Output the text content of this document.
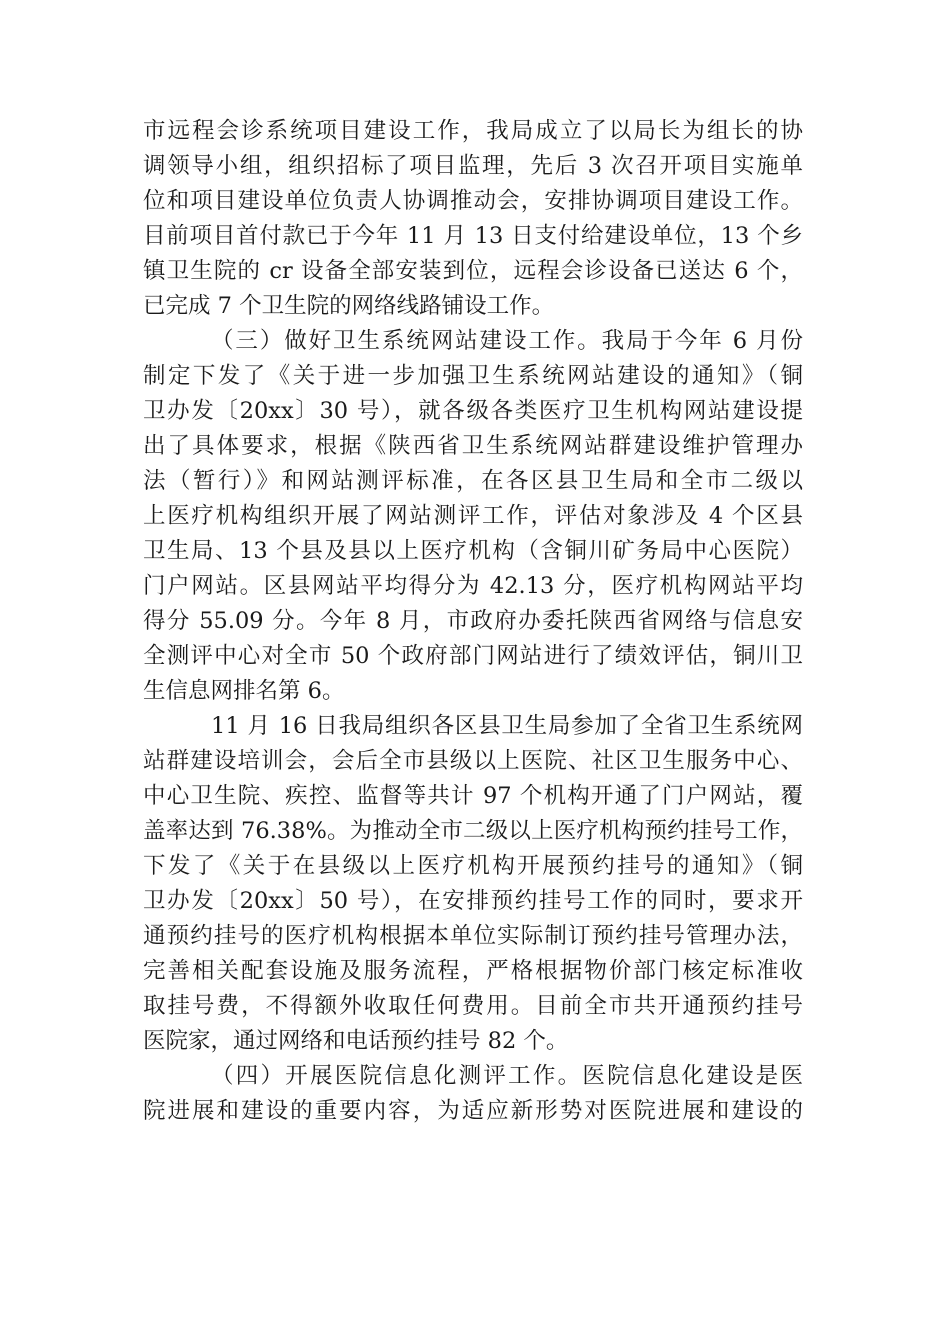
市远程会诊系统项目建设工作，我局成立了以局长为组长的协
调领导小组，组织招标了项目监理，先后 3 次召开项目实施单
位和项目建设单位负责人协调推动会，安排协调项目建设工作。
目前项目首付款已于今年 11 月 13 日支付给建设单位，13 个乡
镇卫生院的 cr 设备全部安装到位，远程会诊设备已送达 6 个，
已完成 7 个卫生院的网络线路铺设工作。
（三）做好卫生系统网站建设工作。我局于今年 6 月份
制定下发了《关于进一步加强卫生系统网站建设的通知》（铜
卫办发〔20xx〕30 号），就各级各类医疗卫生机构网站建设提
出了具体要求，根据《陕西省卫生系统网站群建设维护管理办
法（暂行）》和网站测评标准，在各区县卫生局和全市二级以
上医疗机构组织开展了网站测评工作，评估对象涉及 4 个区县
卫生局、13 个县及县以上医疗机构（含铜川矿务局中心医院）
门户网站。区县网站平均得分为 42.13 分，医疗机构网站平均
得分 55.09 分。今年 8 月，市政府办委托陕西省网络与信息安
全测评中心对全市 50 个政府部门网站进行了绩效评估，铜川卫
生信息网排名第 6。
11 月 16 日我局组织各区县卫生局参加了全省卫生系统网
站群建设培训会，会后全市县级以上医院、社区卫生服务中心、
中心卫生院、疾控、监督等共计 97 个机构开通了门户网站，覆
盖率达到 76.38%。为推动全市二级以上医疗机构预约挂号工作，
下发了《关于在县级以上医疗机构开展预约挂号的通知》（铜
卫办发〔20xx〕50 号），在安排预约挂号工作的同时，要求开
通预约挂号的医疗机构根据本单位实际制订预约挂号管理办法，
完善相关配套设施及服务流程，严格根据物价部门核定标准收
取挂号费，不得额外收取任何费用。目前全市共开通预约挂号
医院家，通过网络和电话预约挂号 82 个。
（四）开展医院信息化测评工作。医院信息化建设是医
院进展和建设的重要内容，为适应新形势对医院进展和建设的
